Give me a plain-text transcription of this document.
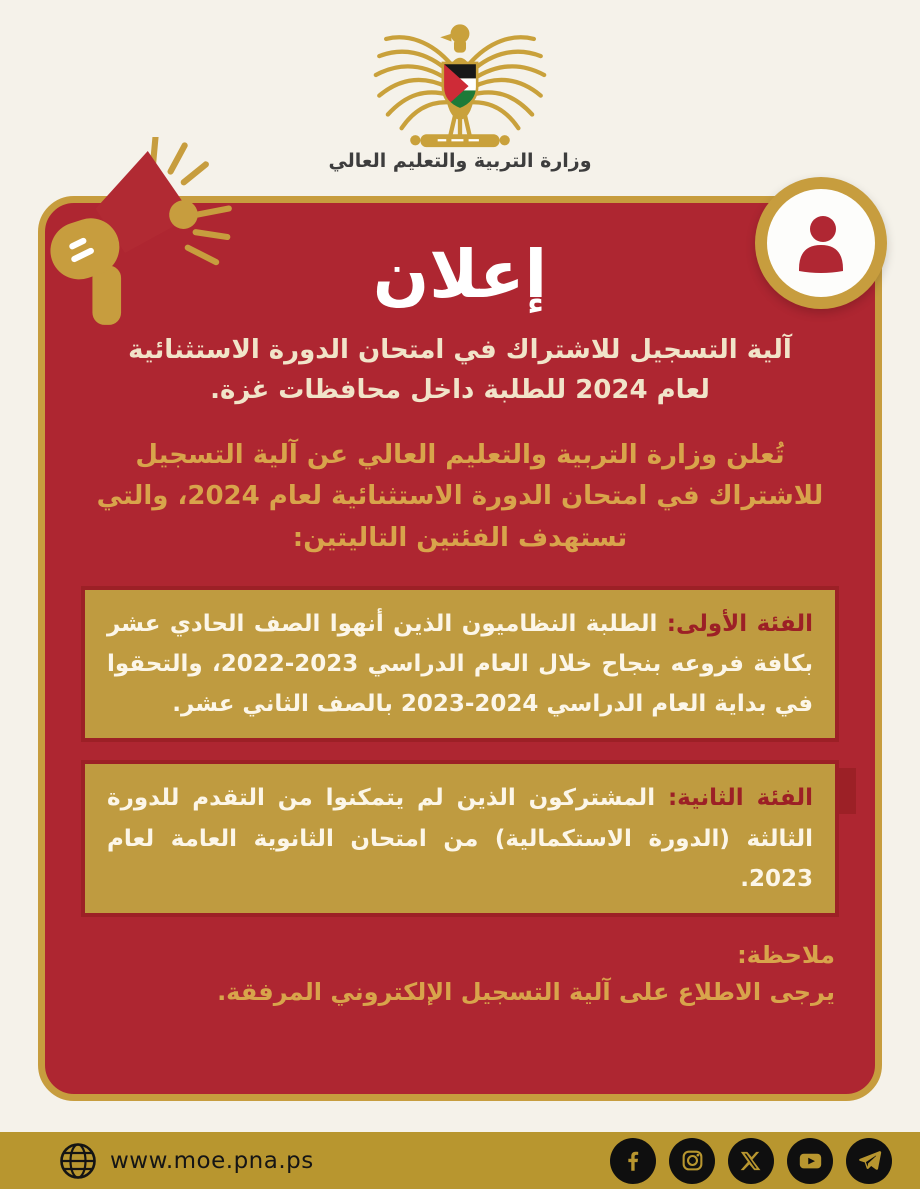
وزارة التربية والتعليم العالي
إعلان

آلية التسجيل للاشتراك في امتحان الدورة الاستثنائية لعام 2024 للطلبة داخل محافظات غزة.

تُعلن وزارة التربية والتعليم العالي عن آلية التسجيل للاشتراك في امتحان الدورة الاستثنائية لعام 2024، والتي تستهدف الفئتين التاليتين:

الفئة الأولى: الطلبة النظاميون الذين أنهوا الصف الحادي عشر بكافة فروعه بنجاح خلال العام الدراسي 2023-2022، والتحقوا في بداية العام الدراسي 2024-2023 بالصف الثاني عشر.
الفئة الثانية: المشتركون الذين لم يتمكنوا من التقدم للدورة الثالثة (الدورة الاستكمالية) من امتحان الثانوية العامة لعام 2023.
ملاحظة:
يرجى الاطلاع على آلية التسجيل الإلكتروني المرفقة.
www.moe.pna.ps
